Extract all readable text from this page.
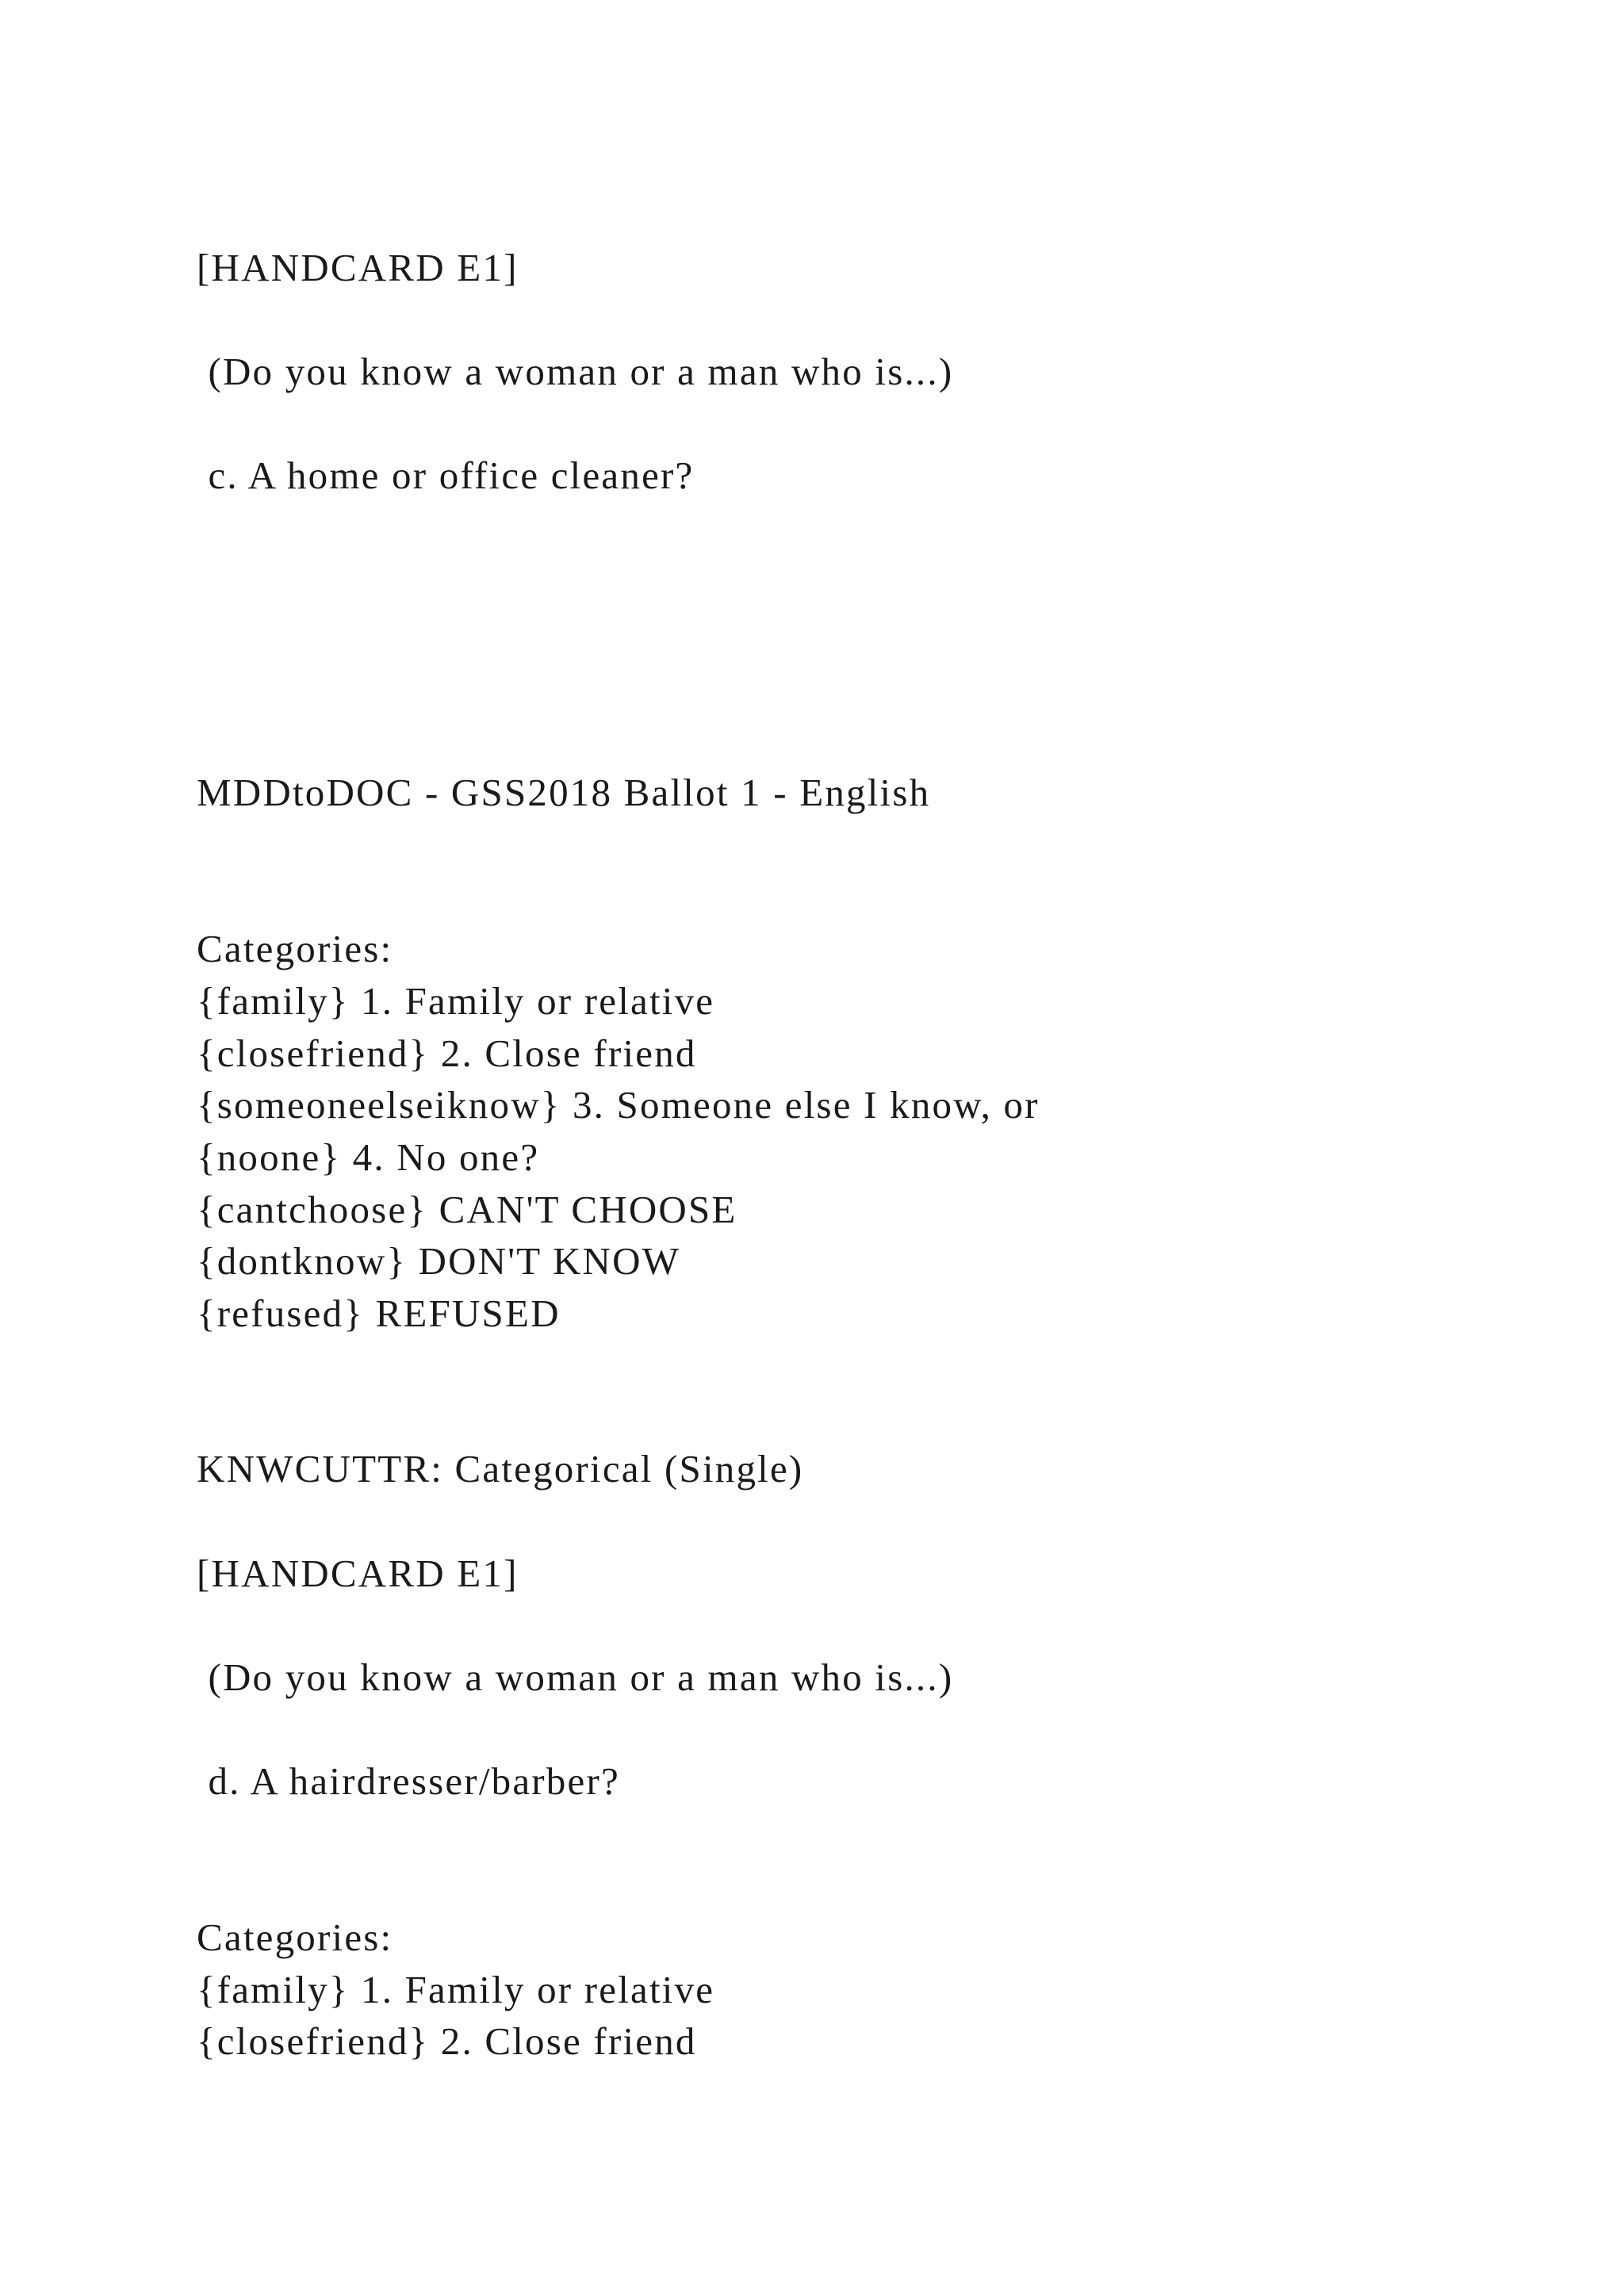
[HANDCARD E1]
(Do you know a woman or a man who is...)
c. A home or office cleaner?
MDDtoDOC - GSS2018 Ballot 1 - English
Categories:
{family} 1. Family or relative
{closefriend} 2. Close friend
{someoneelseiknow} 3. Someone else I know, or
{noone} 4. No one?
{cantchoose} CAN'T CHOOSE
{dontknow} DON'T KNOW
{refused} REFUSED
KNWCUTTR: Categorical (Single)
[HANDCARD E1]
(Do you know a woman or a man who is...)
d. A hairdresser/barber?
Categories:
{family} 1. Family or relative
{closefriend} 2. Close friend
